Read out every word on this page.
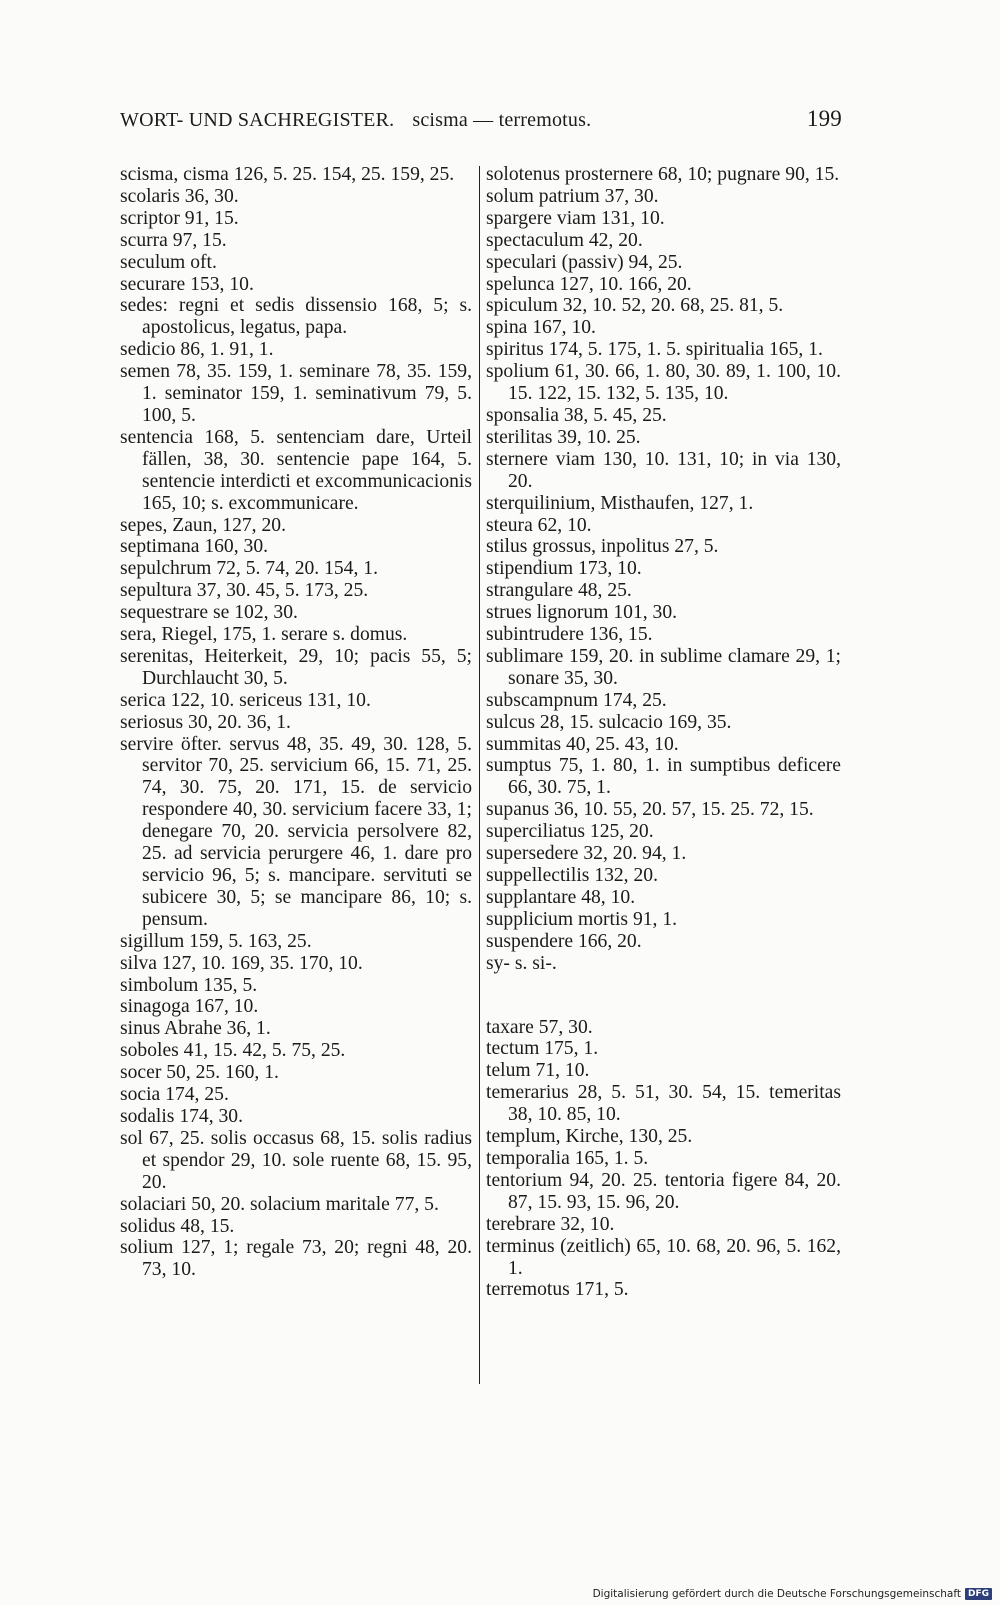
WORT- UND SACHREGISTER. scisma — terremotus.	199
scisma, cisma 126, 5. 25. 154, 25. 159, 25.
scolaris 36, 30.
scriptor 91, 15.
scurra 97, 15.
seculum oft.
securare 153, 10.
sedes: regni et sedis dissensio 168, 5; s. apostolicus, legatus, papa.
sedicio 86, 1. 91, 1.
semen 78, 35. 159, 1. seminare 78, 35. 159, 1. seminator 159, 1. seminativum 79, 5. 100, 5.
sentencia 168, 5. sentenciam dare, Urteil fällen, 38, 30. sentencie pape 164, 5. sentencie interdicti et excommunicacionis 165, 10; s. excommunicare.
sepes, Zaun, 127, 20.
septimana 160, 30.
sepulchrum 72, 5. 74, 20. 154, 1.
sepultura 37, 30. 45, 5. 173, 25.
sequestrare se 102, 30.
sera, Riegel, 175, 1. serare s. domus.
serenitas, Heiterkeit, 29, 10; pacis 55, 5; Durchlaucht 30, 5.
serica 122, 10. sericeus 131, 10.
seriosus 30, 20. 36, 1.
servire öfter. servus 48, 35. 49, 30. 128, 5. servitor 70, 25. servicium 66, 15. 71, 25. 74, 30. 75, 20. 171, 15. de servicio respondere 40, 30. servicium facere 33, 1; denegare 70, 20. servicia persolvere 82, 25. ad servicia perurgere 46, 1. dare pro servicio 96, 5; s. mancipare. servituti se subicere 30, 5; se mancipare 86, 10; s. pensum.
sigillum 159, 5. 163, 25.
silva 127, 10. 169, 35. 170, 10.
simbolum 135, 5.
sinagoga 167, 10.
sinus Abrahe 36, 1.
soboles 41, 15. 42, 5. 75, 25.
socer 50, 25. 160, 1.
socia 174, 25.
sodalis 174, 30.
sol 67, 25. solis occasus 68, 15. solis radius et spendor 29, 10. sole ruente 68, 15. 95, 20.
solaciari 50, 20. solacium maritale 77, 5.
solidus 48, 15.
solium 127, 1; regale 73, 20; regni 48, 20. 73, 10.
solotenus prosternere 68, 10; pugnare 90, 15.
solum patrium 37, 30.
spargere viam 131, 10.
spectaculum 42, 20.
speculari (passiv) 94, 25.
spelunca 127, 10. 166, 20.
spiculum 32, 10. 52, 20. 68, 25. 81, 5.
spina 167, 10.
spiritus 174, 5. 175, 1. 5. spiritualia 165, 1.
spolium 61, 30. 66, 1. 80, 30. 89, 1. 100, 10. 15. 122, 15. 132, 5. 135, 10.
sponsalia 38, 5. 45, 25.
sterilitas 39, 10. 25.
sternere viam 130, 10. 131, 10; in via 130, 20.
sterquilinium, Misthaufen, 127, 1.
steura 62, 10.
stilus grossus, inpolitus 27, 5.
stipendium 173, 10.
strangulare 48, 25.
strues lignorum 101, 30.
subintrudere 136, 15.
sublimare 159, 20. in sublime clamare 29, 1; sonare 35, 30.
subscampnum 174, 25.
sulcus 28, 15. sulcacio 169, 35.
summitas 40, 25. 43, 10.
sumptus 75, 1. 80, 1. in sumptibus deficere 66, 30. 75, 1.
supanus 36, 10. 55, 20. 57, 15. 25. 72, 15.
superciliatus 125, 20.
supersedere 32, 20. 94, 1.
suppellectilis 132, 20.
supplantare 48, 10.
supplicium mortis 91, 1.
suspendere 166, 20.
sy- s. si-.
taxare 57, 30.
tectum 175, 1.
telum 71, 10.
temerarius 28, 5. 51, 30. 54, 15. temeritas 38, 10. 85, 10.
templum, Kirche, 130, 25.
temporalia 165, 1. 5.
tentorium 94, 20. 25. tentoria figere 84, 20. 87, 15. 93, 15. 96, 20.
terebrare 32, 10.
terminus (zeitlich) 65, 10. 68, 20. 96, 5. 162, 1.
terremotus 171, 5.
Digitalisierung gefördert durch die Deutsche Forschungsgemeinschaft DFG
